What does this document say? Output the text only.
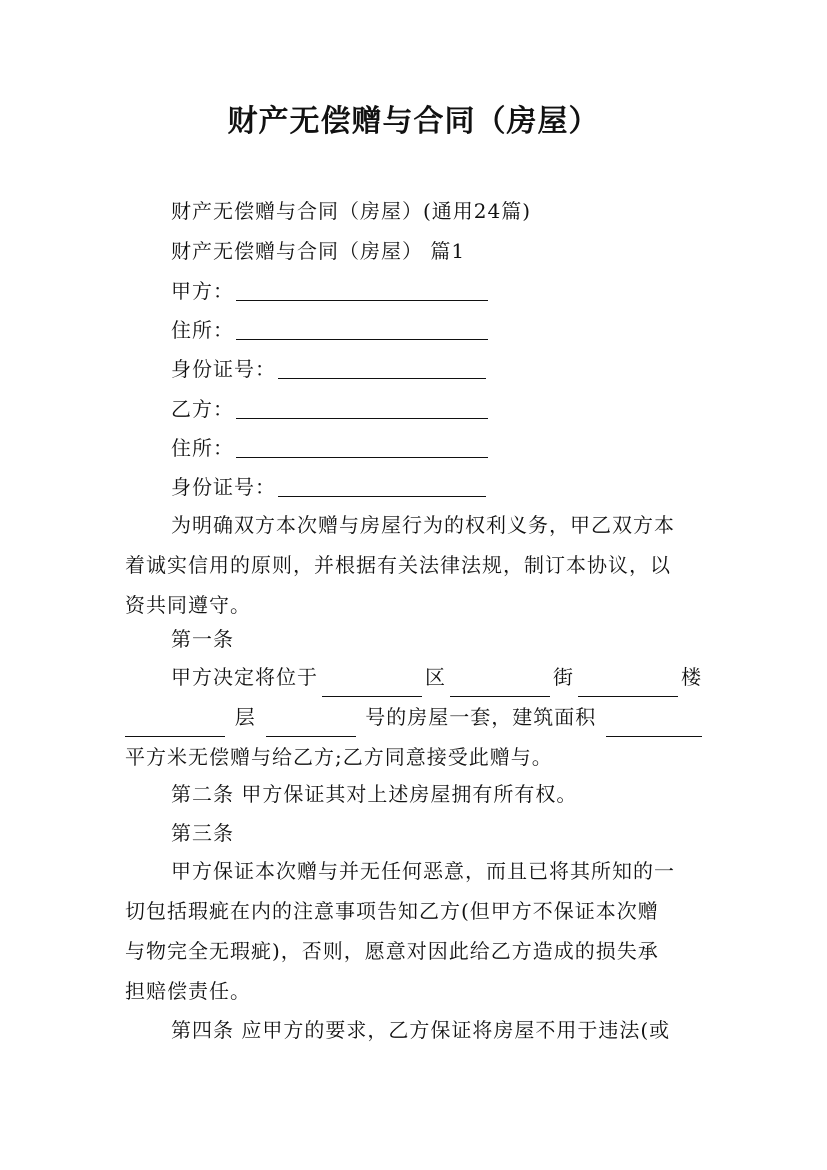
财产无偿赠与合同（房屋）
财产无偿赠与合同（房屋）(通用24篇)
财产无偿赠与合同（房屋） 篇1
甲方：
住所：
身份证号：
乙方：
住所：
身份证号：
为明确双方本次赠与房屋行为的权利义务，甲乙双方本
着诚实信用的原则，并根据有关法律法规，制订本协议，以
资共同遵守。
第一条
甲方决定将位于	区	街	楼
层	号的房屋一套，建筑面积
平方米无偿赠与给乙方;乙方同意接受此赠与。
第二条 甲方保证其对上述房屋拥有所有权。
第三条
甲方保证本次赠与并无任何恶意，而且已将其所知的一
切包括瑕疵在内的注意事项告知乙方(但甲方不保证本次赠
与物完全无瑕疵)，否则，愿意对因此给乙方造成的损失承
担赔偿责任。
第四条 应甲方的要求，乙方保证将房屋不用于违法(或
